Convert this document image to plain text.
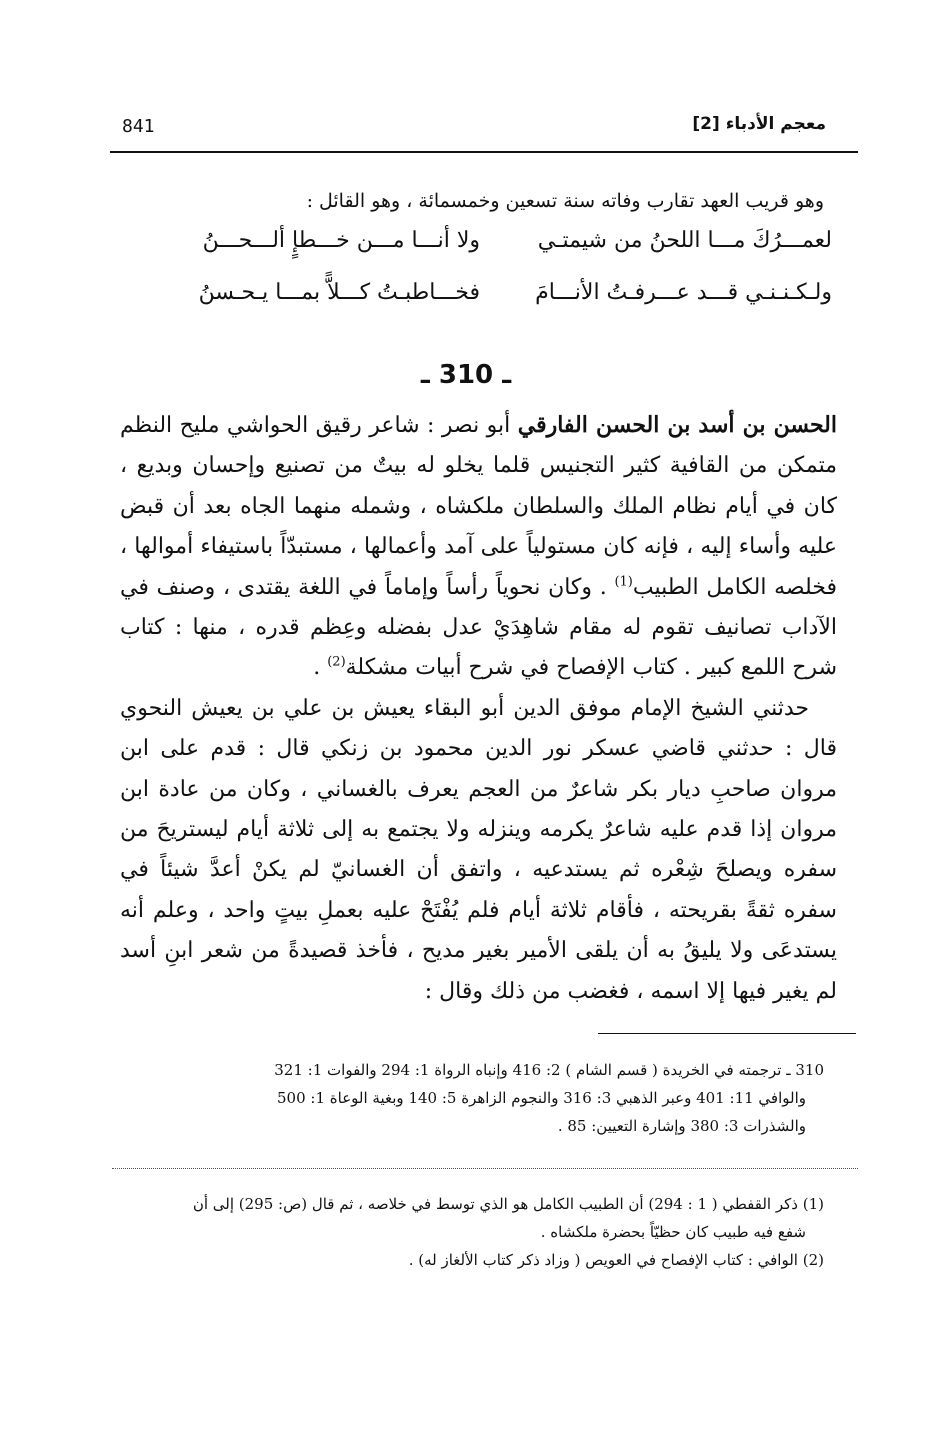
معجم الأدباء [2]
841
وهو قريب العهد تقارب وفاته سنة تسعين وخمسمائة ، وهو القائل :
لعمـــرُكَ مـــا اللحنُ من شيمتـي
ولا أنـــا مـــن خـــطإٍ ألـــحـــنُ
ولـكـنـنـي قـــد عـــرفـتُ الأنـــامَ
فخـــاطبـتُ كـــلاًّ بمـــا يـحـسنُ
ـ 310 ـ

الحسن بن أسد بن الحسن الفارقي أبو نصر : شاعر رقيق الحواشي مليح النظم متمكن من القافية كثير التجنيس قلما يخلو له بيتٌ من تصنيع وإحسان وبديع ، كان في أيام نظام الملك والسلطان ملكشاه ، وشمله منهما الجاه بعد أن قبض عليه وأساء إليه ، فإنه كان مستولياً على آمد وأعمالها ، مستبدّاً باستيفاء أموالها ، فخلصه الكامل الطبيب$^{(1)}$ . وكان نحوياً رأساً وإماماً في اللغة يقتدى ، وصنف في الآداب تصانيف تقوم له مقام شاهِدَيْ عدل بفضله وعِظم قدره ، منها : كتاب شرح اللمع كبير . كتاب الإفصاح في شرح أبيات مشكلة$^{(2)}$ .

حدثني الشيخ الإمام موفق الدين أبو البقاء يعيش بن علي بن يعيش النحوي قال : حدثني قاضي عسكر نور الدين محمود بن زنكي قال : قدم على ابن مروان صاحبِ ديار بكر شاعرٌ من العجم يعرف بالغساني ، وكان من عادة ابن مروان إذا قدم عليه شاعرٌ يكرمه وينزله ولا يجتمع به إلى ثلاثة أيام ليستريحَ من سفره ويصلحَ شِعْره ثم يستدعيه ، واتفق أن الغسانيّ لم يكنْ أعدَّ شيئاً في سفره ثقةً بقريحته ، فأقام ثلاثة أيام فلم يُفْتَحْ عليه بعملِ بيتٍ واحد ، وعلم أنه يستدعَى ولا يليقُ به أن يلقى الأمير بغير مديح ، فأخذ قصيدةً من شعر ابنِ أسد لم يغير فيها إلا اسمه ، فغضب من ذلك وقال :

310 ـ ترجمته في الخريدة ( قسم الشام ) 2: 416 وإنباه الرواة 1: 294 والفوات 1: 321

والوافي 11: 401 وعبر الذهبي 3: 316 والنجوم الزاهرة 5: 140 وبغية الوعاة 1: 500

والشذرات 3: 380 وإشارة التعيين: 85 .

(1) ذكر القفطي ( 1 : 294) أن الطبيب الكامل هو الذي توسط في خلاصه ، ثم قال (ص: 295) إلى أن

شفع فيه طبيب كان حظيّاً بحضرة ملكشاه .

(2) الوافي : كتاب الإفصاح في العويص ( وزاد ذكر كتاب الألغاز له) .
